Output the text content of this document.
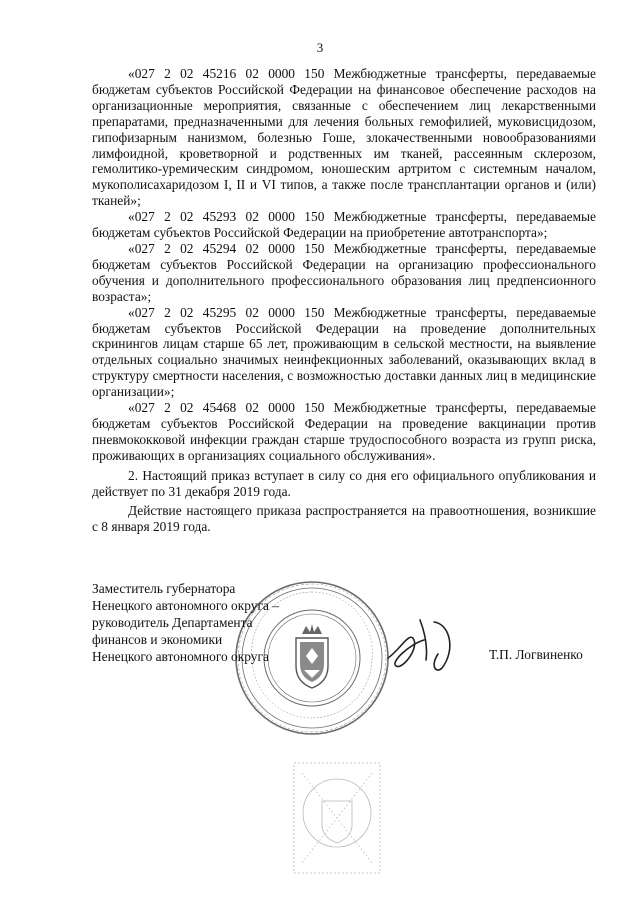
3

«027 2 02 45216 02 0000 150 Межбюджетные трансферты, передаваемые бюджетам субъектов Российской Федерации на финансовое обеспечение расходов на организационные мероприятия, связанные с обеспечением лиц лекарственными препаратами, предназначенными для лечения больных гемофилией, муковисцидозом, гипофизарным нанизмом, болезнью Гоше, злокачественными новообразованиями лимфоидной, кроветворной и родственных им тканей, рассеянным склерозом, гемолитико-уремическим синдромом, юношеским артритом с системным началом, мукополисахаридозом I, II и VI типов, а также после трансплантации органов и (или) тканей»;

«027 2 02 45293 02 0000 150 Межбюджетные трансферты, передаваемые бюджетам субъектов Российской Федерации на приобретение автотранспорта»;

«027 2 02 45294 02 0000 150 Межбюджетные трансферты, передаваемые бюджетам субъектов Российской Федерации на организацию профессионального обучения и дополнительного профессионального образования лиц предпенсионного возраста»;

«027 2 02 45295 02 0000 150 Межбюджетные трансферты, передаваемые бюджетам субъектов Российской Федерации на проведение дополнительных скринингов лицам старше 65 лет, проживающим в сельской местности, на выявление отдельных социально значимых неинфекционных заболеваний, оказывающих вклад в структуру смертности населения, с возможностью доставки данных лиц в медицинские организации»;

«027 2 02 45468 02 0000 150 Межбюджетные трансферты, передаваемые бюджетам субъектов Российской Федерации на проведение вакцинации против пневмококковой инфекции граждан старше трудоспособного возраста из групп риска, проживающих в организациях социального обслуживания».

2. Настоящий приказ вступает в силу со дня его официального опубликования и действует по 31 декабря 2019 года.

Действие настоящего приказа распространяется на правоотношения, возникшие с 8 января 2019 года.

Заместитель губернатора
Ненецкого автономного округа –
руководитель Департамента
финансов и экономики
Ненецкого автономного округа	Т.П. Логвиненко
